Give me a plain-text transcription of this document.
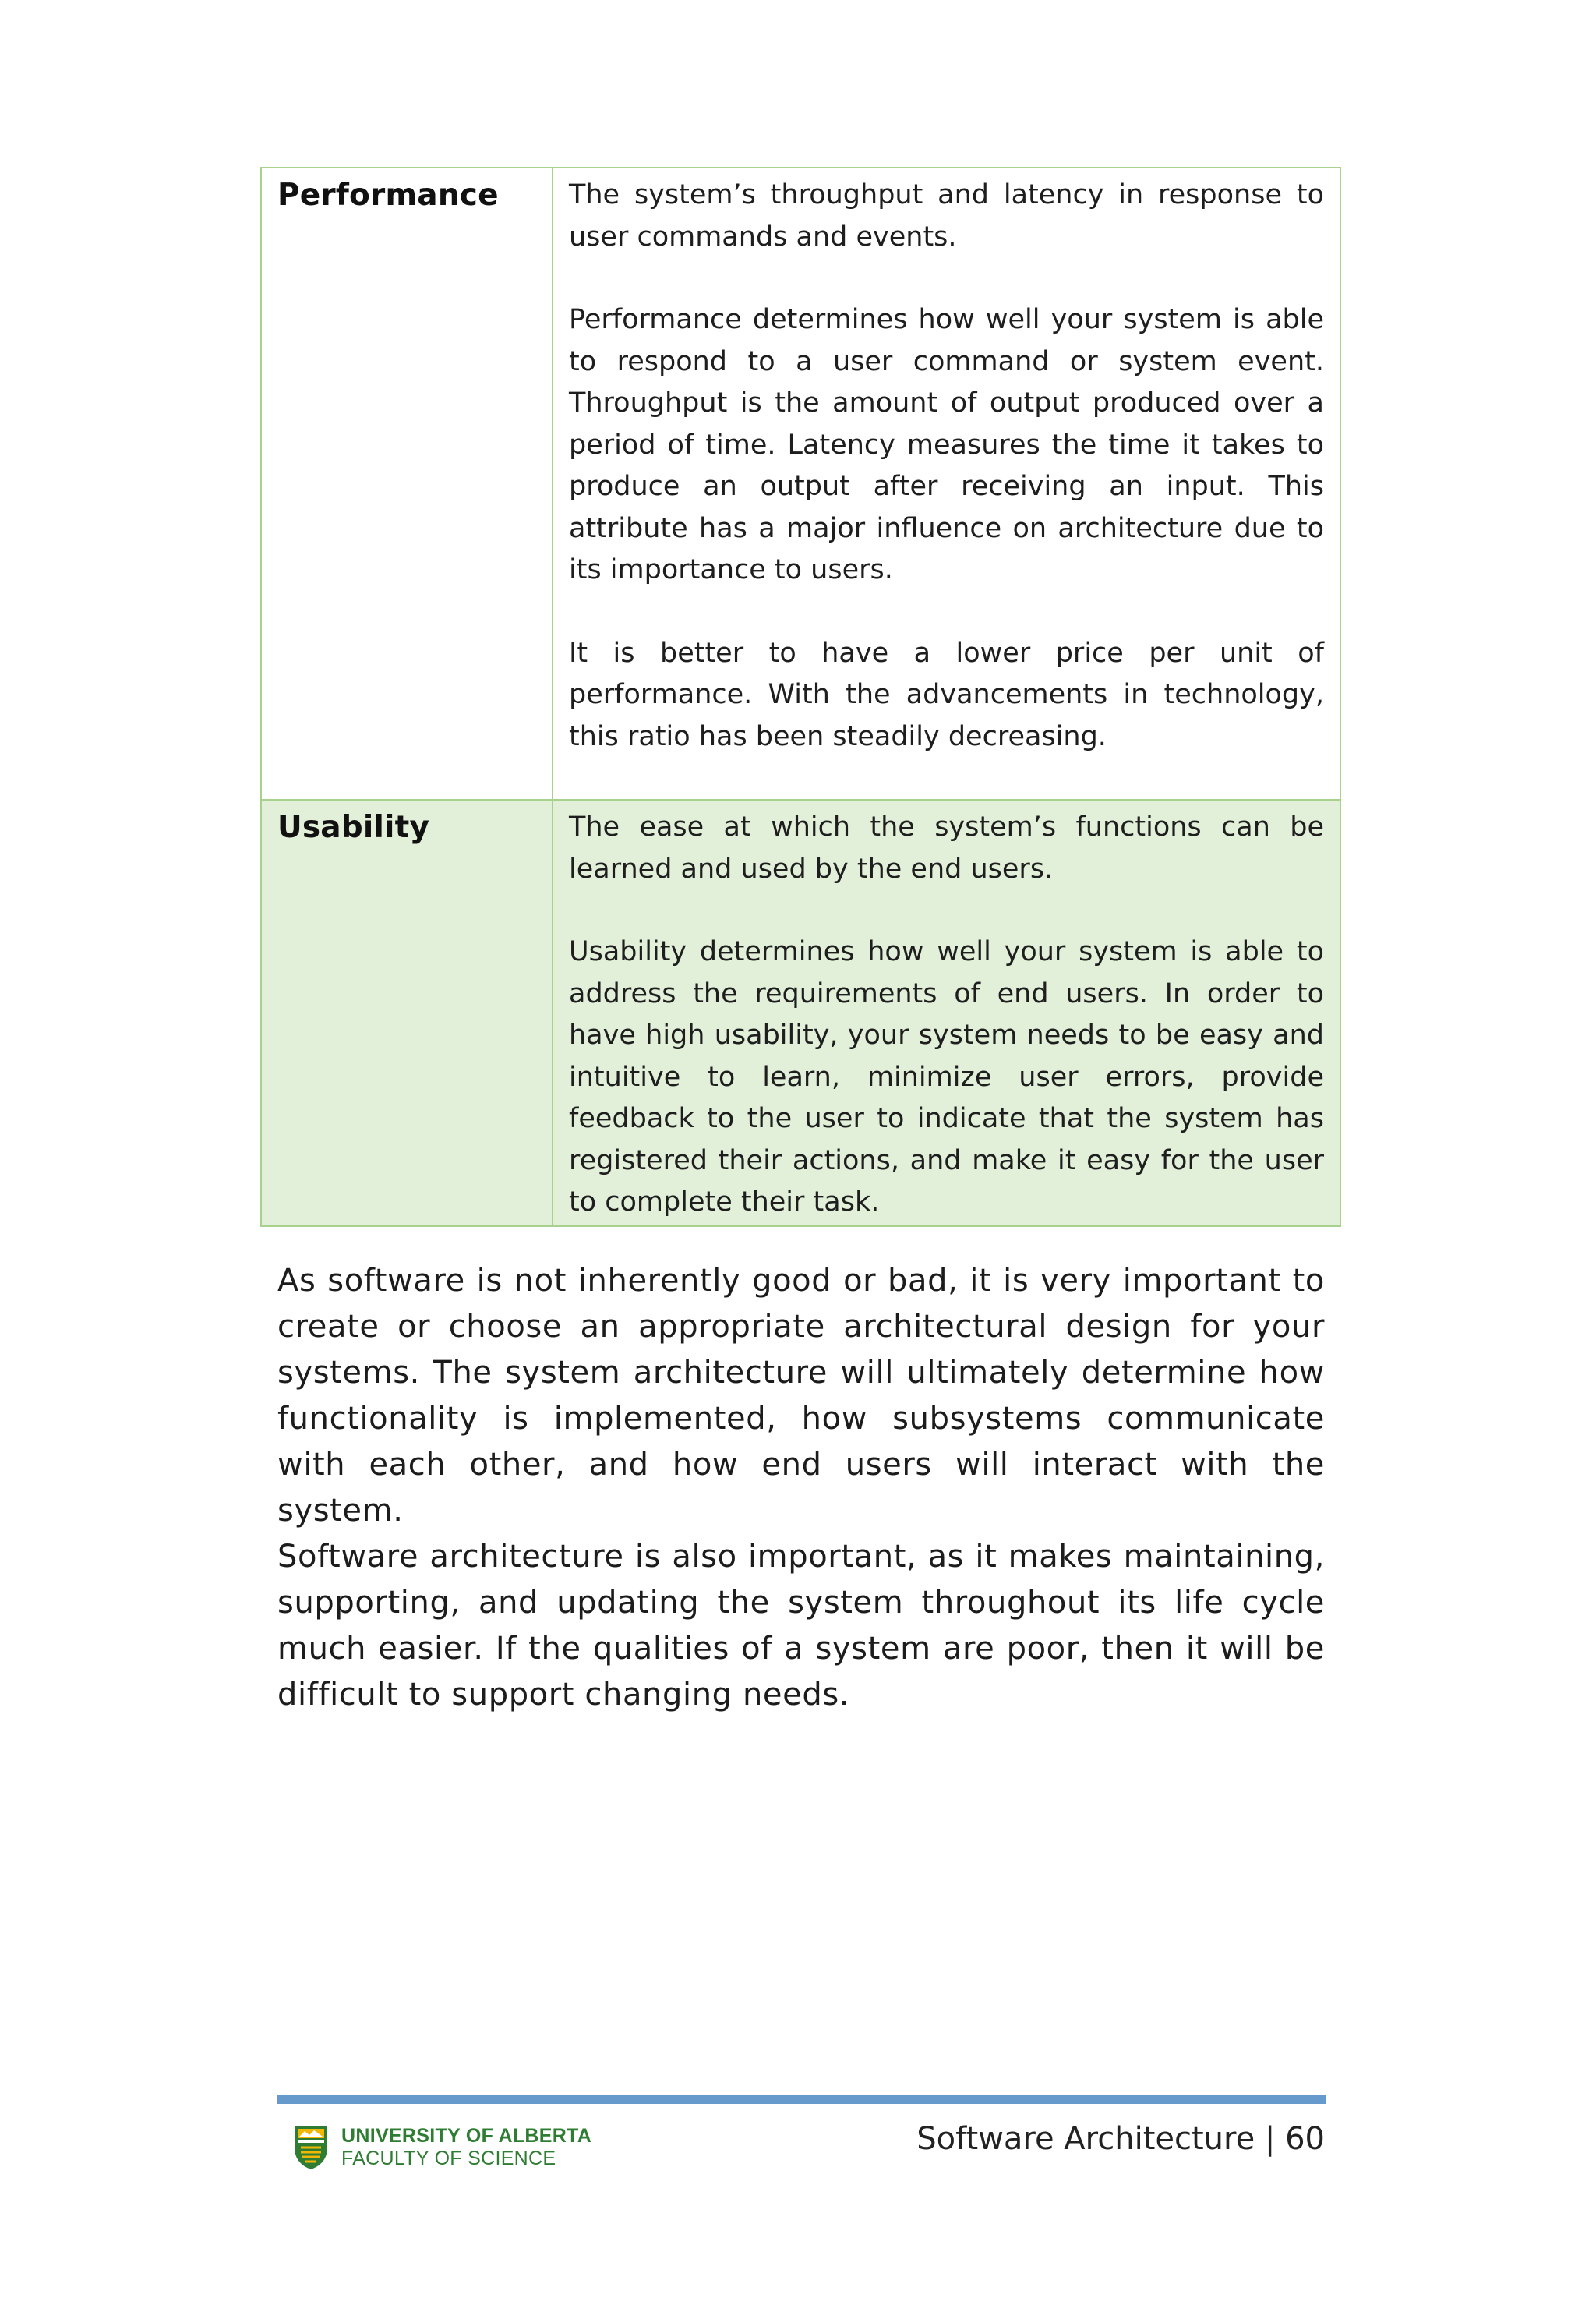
Performance	The system’s throughput and latency in response to user commands and events.
Performance determines how well your system is able to respond to a user command or system event. Throughput is the amount of output produced over a period of time. Latency measures the time it takes to produce an output after receiving an input. This attribute has a major influence on architecture due to its importance to users.
It is better to have a lower price per unit of performance. With the advancements in technology, this ratio has been steadily decreasing.

Usability	The ease at which the system’s functions can be learned and used by the end users.
Usability determines how well your system is able to address the requirements of end users. In order to have high usability, your system needs to be easy and intuitive to learn, minimize user errors, provide feedback to the user to indicate that the system has registered their actions, and make it easy for the user to complete their task.

As software is not inherently good or bad, it is very important to create or choose an appropriate architectural design for your systems. The system architecture will ultimately determine how functionality is implemented, how subsystems communicate with each other, and how end users will interact with the system.

Software architecture is also important, as it makes maintaining, supporting, and updating the system throughout its life cycle much easier. If the qualities of a system are poor, then it will be difficult to support changing needs.

UNIVERSITY OF ALBERTA
FACULTY OF SCIENCE
Software Architecture | 60
